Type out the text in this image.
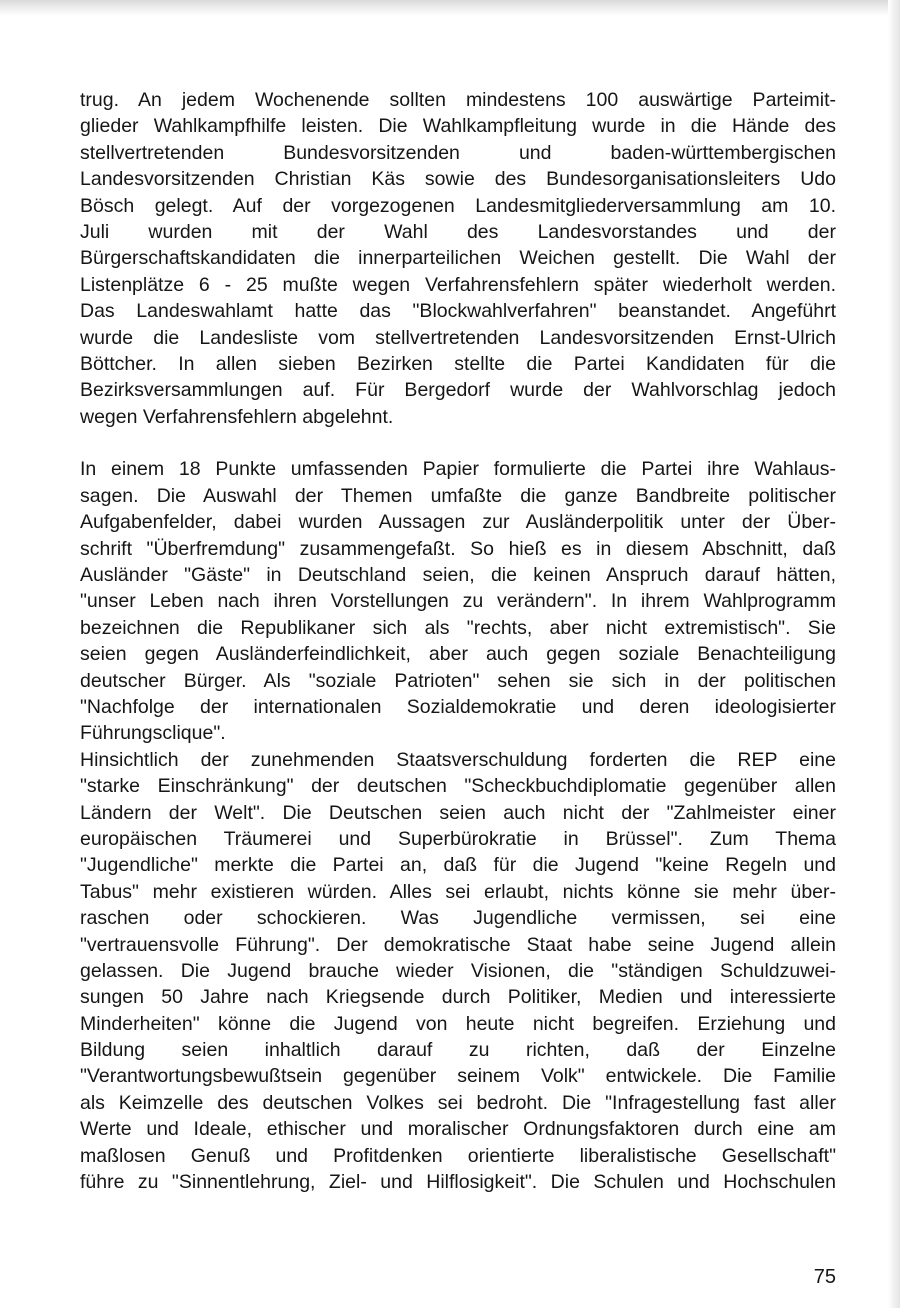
trug. An jedem Wochenende sollten mindestens 100 auswärtige Parteimit-
glieder Wahlkampfhilfe leisten. Die Wahlkampfleitung wurde in die Hände des
stellvertretenden Bundesvorsitzenden und baden-württembergischen
Landesvorsitzenden Christian Käs sowie des Bundesorganisationsleiters Udo
Bösch gelegt. Auf der vorgezogenen Landesmitgliederversammlung am 10.
Juli wurden mit der Wahl des Landesvorstandes und der
Bürgerschaftskandidaten die innerparteilichen Weichen gestellt. Die Wahl der
Listenplätze 6 - 25 mußte wegen Verfahrensfehlern später wiederholt werden.
Das Landeswahlamt hatte das "Blockwahlverfahren" beanstandet. Angeführt
wurde die Landesliste vom stellvertretenden Landesvorsitzenden Ernst-Ulrich
Böttcher. In allen sieben Bezirken stellte die Partei Kandidaten für die
Bezirksversammlungen auf. Für Bergedorf wurde der Wahlvorschlag jedoch
wegen Verfahrensfehlern abgelehnt.
In einem 18 Punkte umfassenden Papier formulierte die Partei ihre Wahlaus-
sagen. Die Auswahl der Themen umfaßte die ganze Bandbreite politischer
Aufgabenfelder, dabei wurden Aussagen zur Ausländerpolitik unter der Über-
schrift "Überfremdung" zusammengefaßt. So hieß es in diesem Abschnitt, daß
Ausländer "Gäste" in Deutschland seien, die keinen Anspruch darauf hätten,
"unser Leben nach ihren Vorstellungen zu verändern". In ihrem Wahlprogramm
bezeichnen die Republikaner sich als "rechts, aber nicht extremistisch". Sie
seien gegen Ausländerfeindlichkeit, aber auch gegen soziale Benachteiligung
deutscher Bürger. Als "soziale Patrioten" sehen sie sich in der politischen
"Nachfolge der internationalen Sozialdemokratie und deren ideologisierter
Führungsclique".
Hinsichtlich der zunehmenden Staatsverschuldung forderten die REP eine
"starke Einschränkung" der deutschen "Scheckbuchdiplomatie gegenüber allen
Ländern der Welt". Die Deutschen seien auch nicht der "Zahlmeister einer
europäischen Träumerei und Superbürokratie in Brüssel". Zum Thema
"Jugendliche" merkte die Partei an, daß für die Jugend "keine Regeln und
Tabus" mehr existieren würden. Alles sei erlaubt, nichts könne sie mehr über-
raschen oder schockieren. Was Jugendliche vermissen, sei eine
"vertrauensvolle Führung". Der demokratische Staat habe seine Jugend allein
gelassen. Die Jugend brauche wieder Visionen, die "ständigen Schuldzuwei-
sungen 50 Jahre nach Kriegsende durch Politiker, Medien und interessierte
Minderheiten" könne die Jugend von heute nicht begreifen. Erziehung und
Bildung seien inhaltlich darauf zu richten, daß der Einzelne
"Verantwortungsbewußtsein gegenüber seinem Volk" entwickele. Die Familie
als Keimzelle des deutschen Volkes sei bedroht. Die "Infragestellung fast aller
Werte und Ideale, ethischer und moralischer Ordnungsfaktoren durch eine am
maßlosen Genuß und Profitdenken orientierte liberalistische Gesellschaft"
führe zu "Sinnentlehrung, Ziel- und Hilflosigkeit". Die Schulen und Hochschulen
75
